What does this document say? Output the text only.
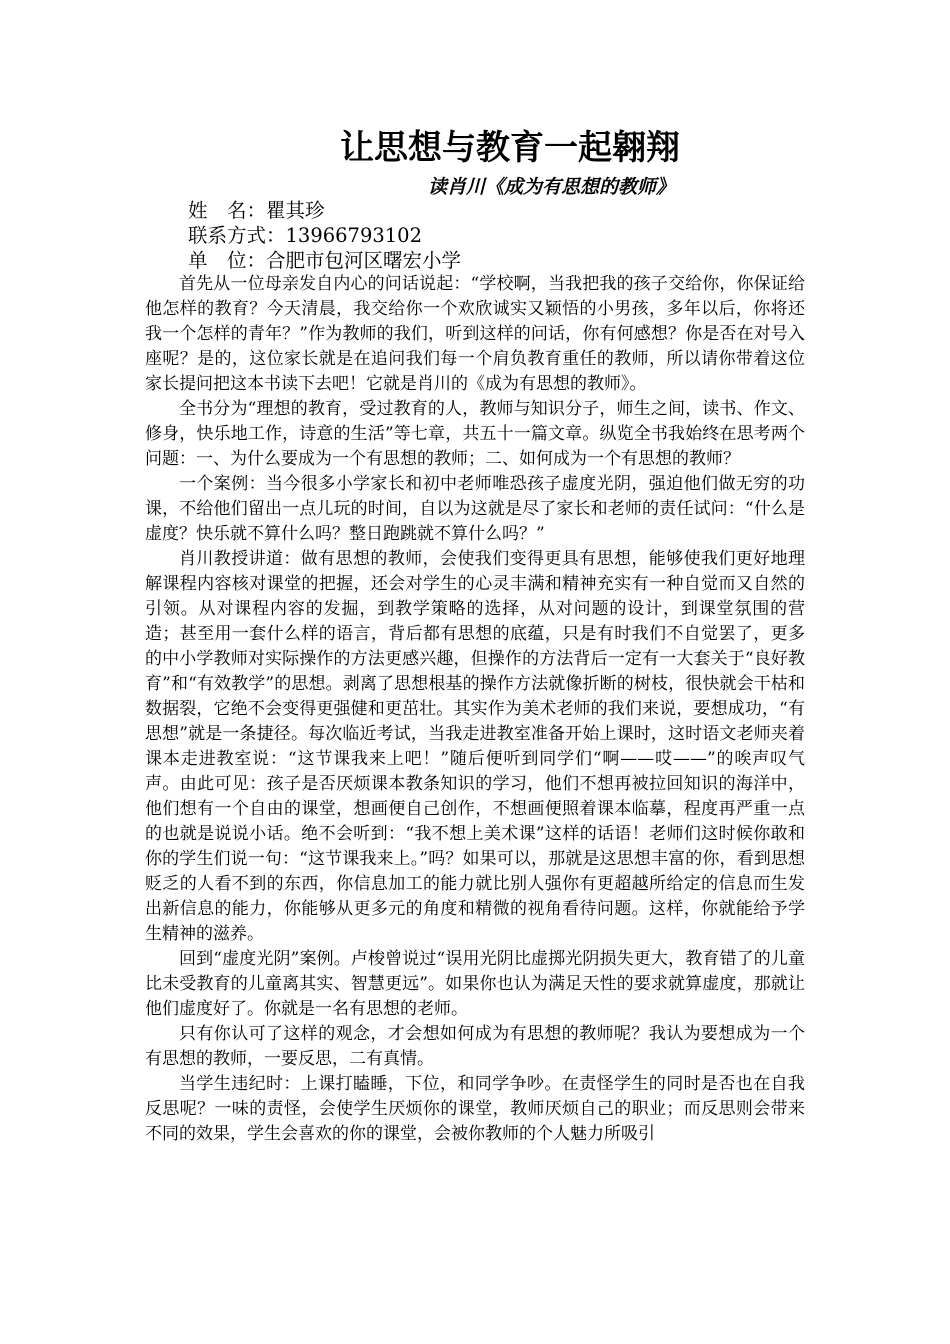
让思想与教育一起翱翔
读肖川《成为有思想的教师》
姓　名：瞿其珍
联系方式：13966793102
单　位：合肥市包河区曙宏小学

首先从一位母亲发自内心的问话说起：“学校啊，当我把我的孩子交给你，你保证给他怎样的教育？今天清晨，我交给你一个欢欣诚实又颖悟的小男孩，多年以后，你将还我一个怎样的青年？”作为教师的我们，听到这样的问话，你有何感想？你是否在对号入座呢？是的，这位家长就是在追问我们每一个肩负教育重任的教师，所以请你带着这位家长提问把这本书读下去吧！它就是肖川的《成为有思想的教师》。

全书分为“理想的教育，受过教育的人，教师与知识分子，师生之间，读书、作文、修身，快乐地工作，诗意的生活”等七章，共五十一篇文章。纵览全书我始终在思考两个问题：一、为什么要成为一个有思想的教师；二、如何成为一个有思想的教师？

一个案例：当今很多小学家长和初中老师唯恐孩子虚度光阴，强迫他们做无穷的功课，不给他们留出一点儿玩的时间，自以为这就是尽了家长和老师的责任试问：“什么是虚度？快乐就不算什么吗？整日跑跳就不算什么吗？”

肖川教授讲道：做有思想的教师，会使我们变得更具有思想，能够使我们更好地理解课程内容核对课堂的把握，还会对学生的心灵丰满和精神充实有一种自觉而又自然的引领。从对课程内容的发掘，到教学策略的选择，从对问题的设计，到课堂氛围的营造；甚至用一套什么样的语言，背后都有思想的底蕴，只是有时我们不自觉罢了，更多的中小学教师对实际操作的方法更感兴趣，但操作的方法背后一定有一大套关于“良好教育”和“有效教学”的思想。剥离了思想根基的操作方法就像折断的树枝，很快就会干枯和数据裂，它绝不会变得更强健和更茁壮。其实作为美术老师的我们来说，要想成功，“有思想”就是一条捷径。每次临近考试，当我走进教室准备开始上课时，这时语文老师夹着课本走进教室说：“这节课我来上吧！”随后便听到同学们“啊——哎——”的唉声叹气声。由此可见：孩子是否厌烦课本教条知识的学习，他们不想再被拉回知识的海洋中，他们想有一个自由的课堂，想画便自己创作，不想画便照着课本临摹，程度再严重一点的也就是说说小话。绝不会听到：“我不想上美术课”这样的话语！老师们这时候你敢和你的学生们说一句：“这节课我来上。”吗？如果可以，那就是这思想丰富的你，看到思想贬乏的人看不到的东西，你信息加工的能力就比别人强你有更超越所给定的信息而生发出新信息的能力，你能够从更多元的角度和精微的视角看待问题。这样，你就能给予学生精神的滋养。

回到“虚度光阴”案例。卢梭曾说过“误用光阴比虚掷光阴损失更大，教育错了的儿童比未受教育的儿童离其实、智慧更远”。如果你也认为满足天性的要求就算虚度，那就让他们虚度好了。你就是一名有思想的老师。

只有你认可了这样的观念，才会想如何成为有思想的教师呢？我认为要想成为一个有思想的教师，一要反思，二有真情。

当学生违纪时：上课打瞌睡，下位，和同学争吵。在责怪学生的同时是否也在自我反思呢？一味的责怪，会使学生厌烦你的课堂，教师厌烦自己的职业；而反思则会带来不同的效果，学生会喜欢的你的课堂，会被你教师的个人魅力所吸引
